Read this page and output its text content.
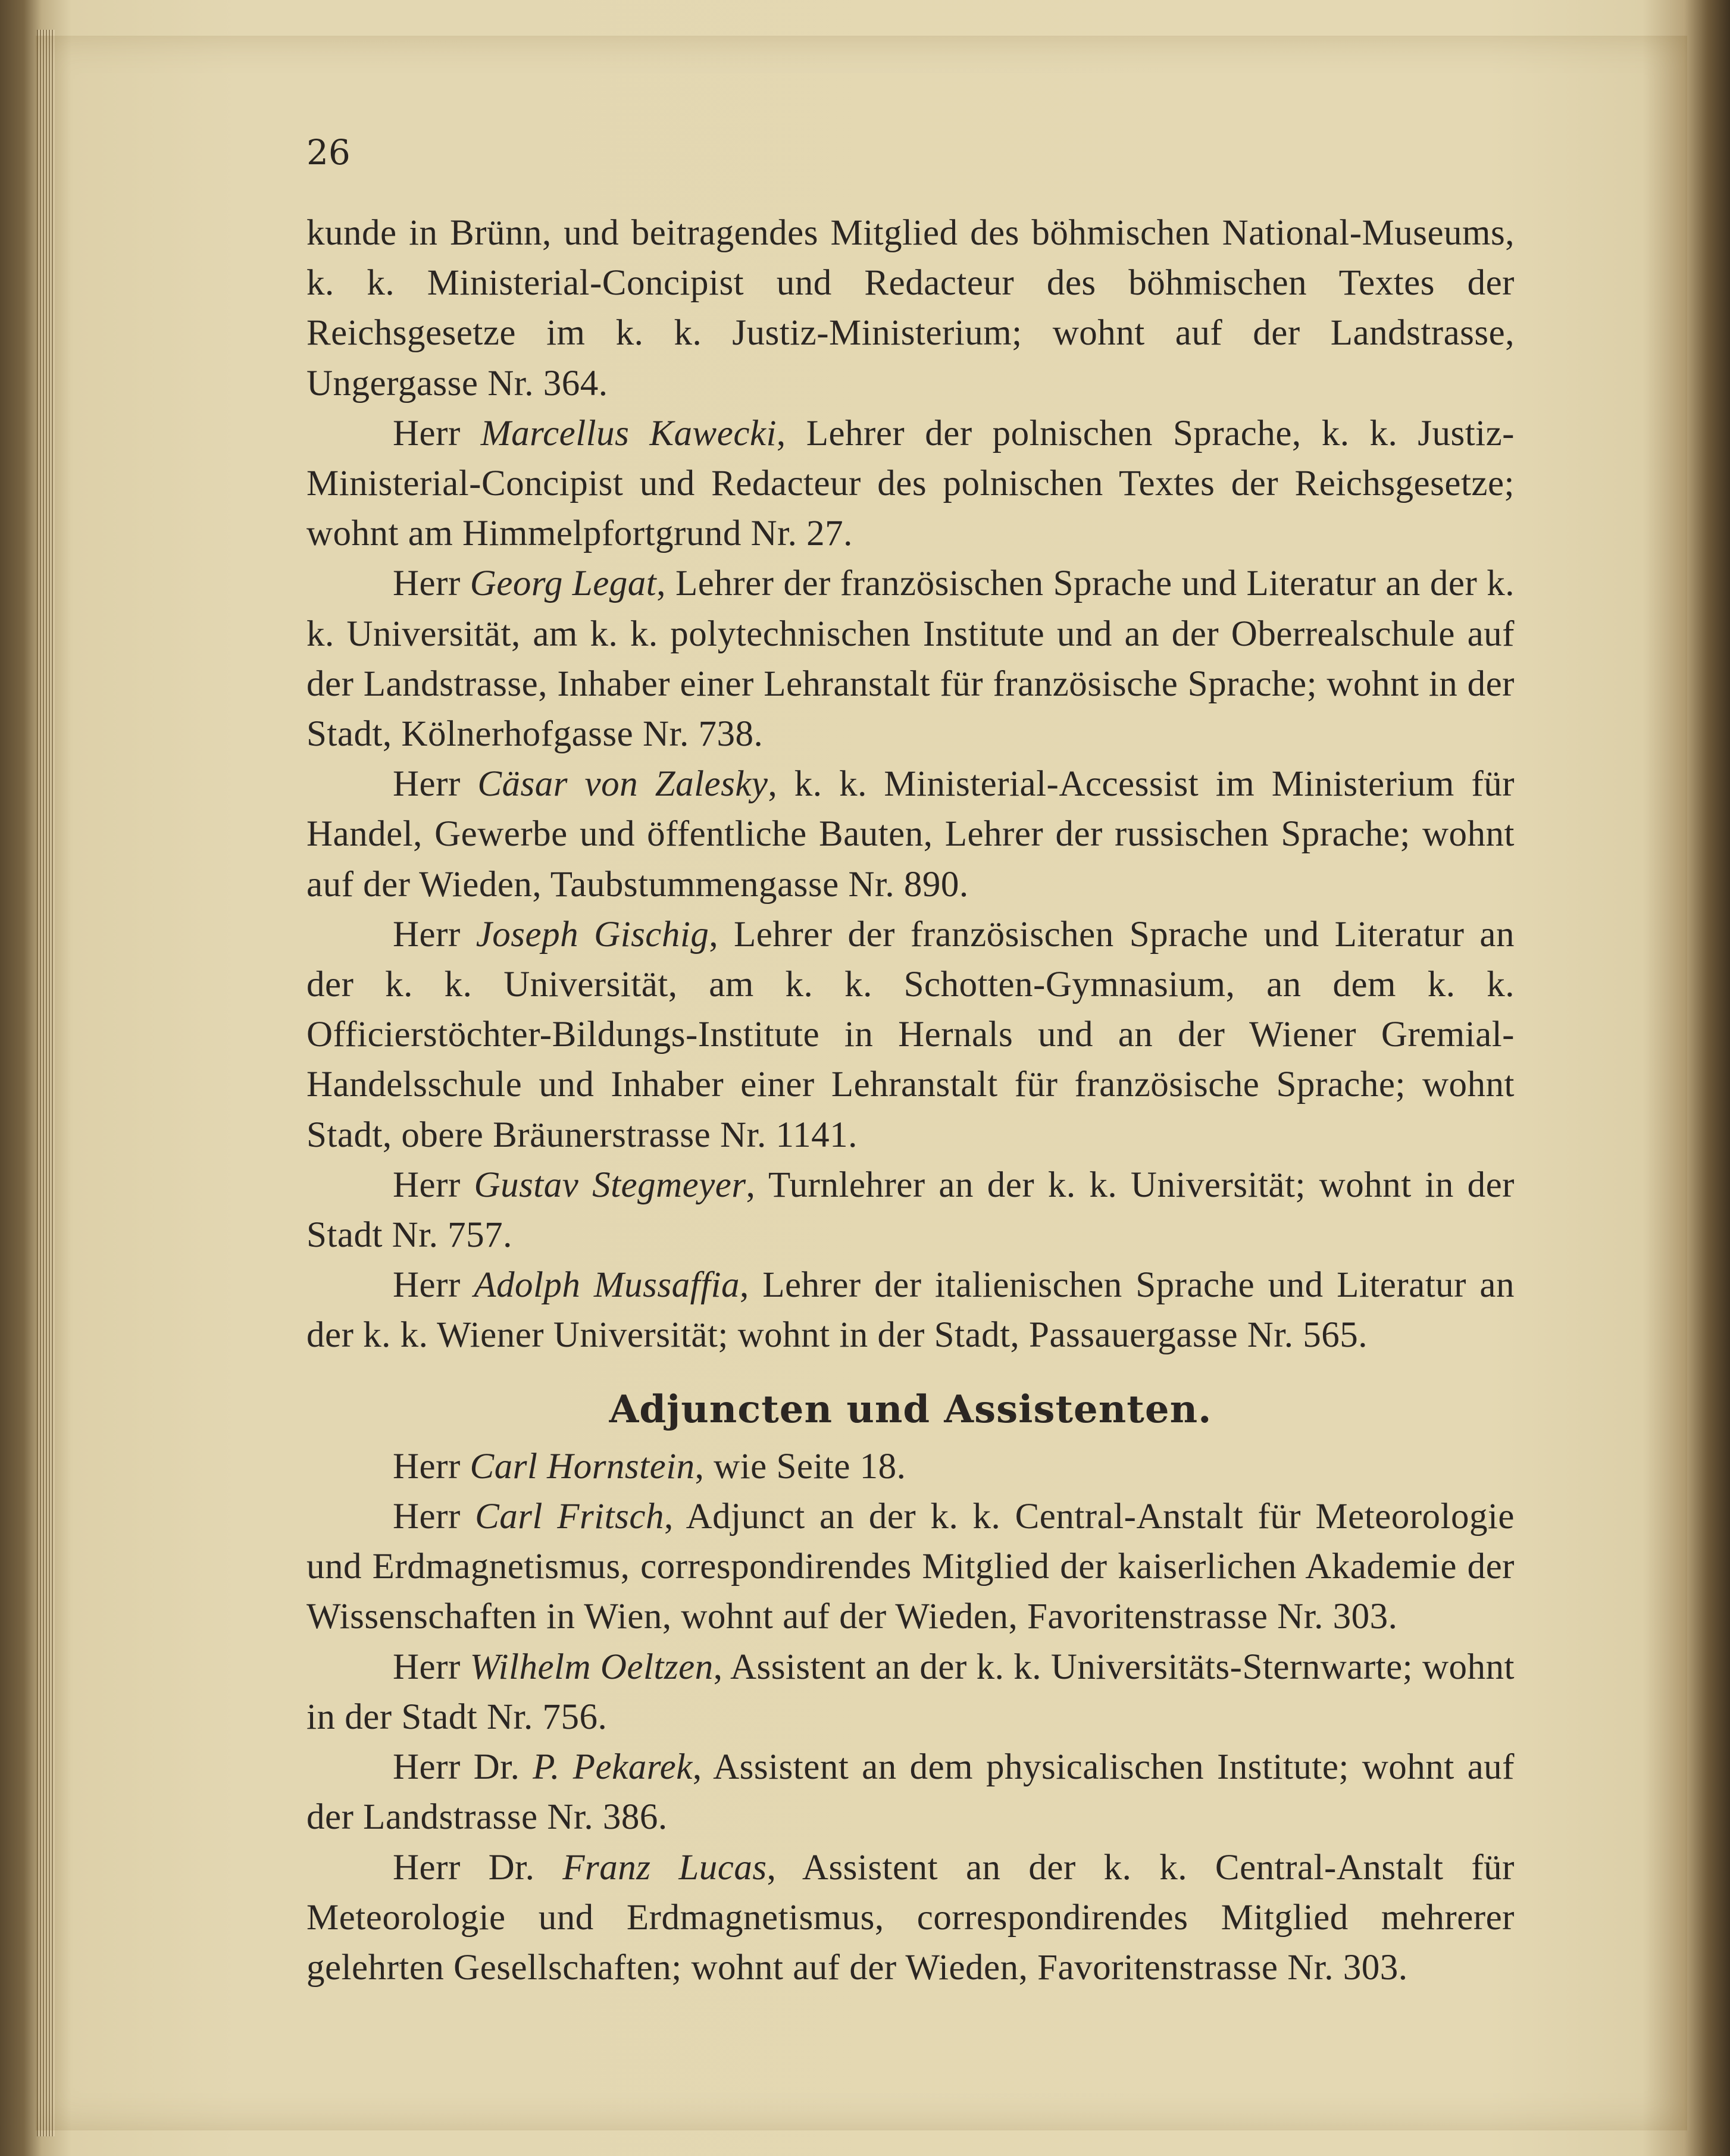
26

kunde in Brünn, und beitragendes Mitglied des böhmischen National-Museums, k. k. Ministerial-Concipist und Redacteur des böhmischen Textes der Reichsgesetze im k. k. Justiz-Ministerium; wohnt auf der Landstrasse, Ungergasse Nr. 364.

Herr Marcellus Kawecki, Lehrer der polnischen Sprache, k. k. Justiz-Ministerial-Concipist und Redacteur des polnischen Textes der Reichsgesetze; wohnt am Himmelpfortgrund Nr. 27.

Herr Georg Legat, Lehrer der französischen Sprache und Literatur an der k. k. Universität, am k. k. polytechnischen Institute und an der Oberrealschule auf der Landstrasse, Inhaber einer Lehranstalt für französische Sprache; wohnt in der Stadt, Kölnerhofgasse Nr. 738.

Herr Cäsar von Zalesky, k. k. Ministerial-Accessist im Ministerium für Handel, Gewerbe und öffentliche Bauten, Lehrer der russischen Sprache; wohnt auf der Wieden, Taubstummengasse Nr. 890.

Herr Joseph Gischig, Lehrer der französischen Sprache und Literatur an der k. k. Universität, am k. k. Schotten-Gymnasium, an dem k. k. Officierstöchter-Bildungs-Institute in Hernals und an der Wiener Gremial-Handelsschule und Inhaber einer Lehranstalt für französische Sprache; wohnt Stadt, obere Bräunerstrasse Nr. 1141.

Herr Gustav Stegmeyer, Turnlehrer an der k. k. Universität; wohnt in der Stadt Nr. 757.

Herr Adolph Mussaffia, Lehrer der italienischen Sprache und Literatur an der k. k. Wiener Universität; wohnt in der Stadt, Passauergasse Nr. 565.

Adjuncten und Assistenten.

Herr Carl Hornstein, wie Seite 18.

Herr Carl Fritsch, Adjunct an der k. k. Central-Anstalt für Meteorologie und Erdmagnetismus, correspondirendes Mitglied der kaiserlichen Akademie der Wissenschaften in Wien, wohnt auf der Wieden, Favoritenstrasse Nr. 303.

Herr Wilhelm Oeltzen, Assistent an der k. k. Universitäts-Sternwarte; wohnt in der Stadt Nr. 756.

Herr Dr. P. Pekarek, Assistent an dem physicalischen Institute; wohnt auf der Landstrasse Nr. 386.

Herr Dr. Franz Lucas, Assistent an der k. k. Central-Anstalt für Meteorologie und Erdmagnetismus, correspondirendes Mitglied mehrerer gelehrten Gesellschaften; wohnt auf der Wieden, Favoritenstrasse Nr. 303.
